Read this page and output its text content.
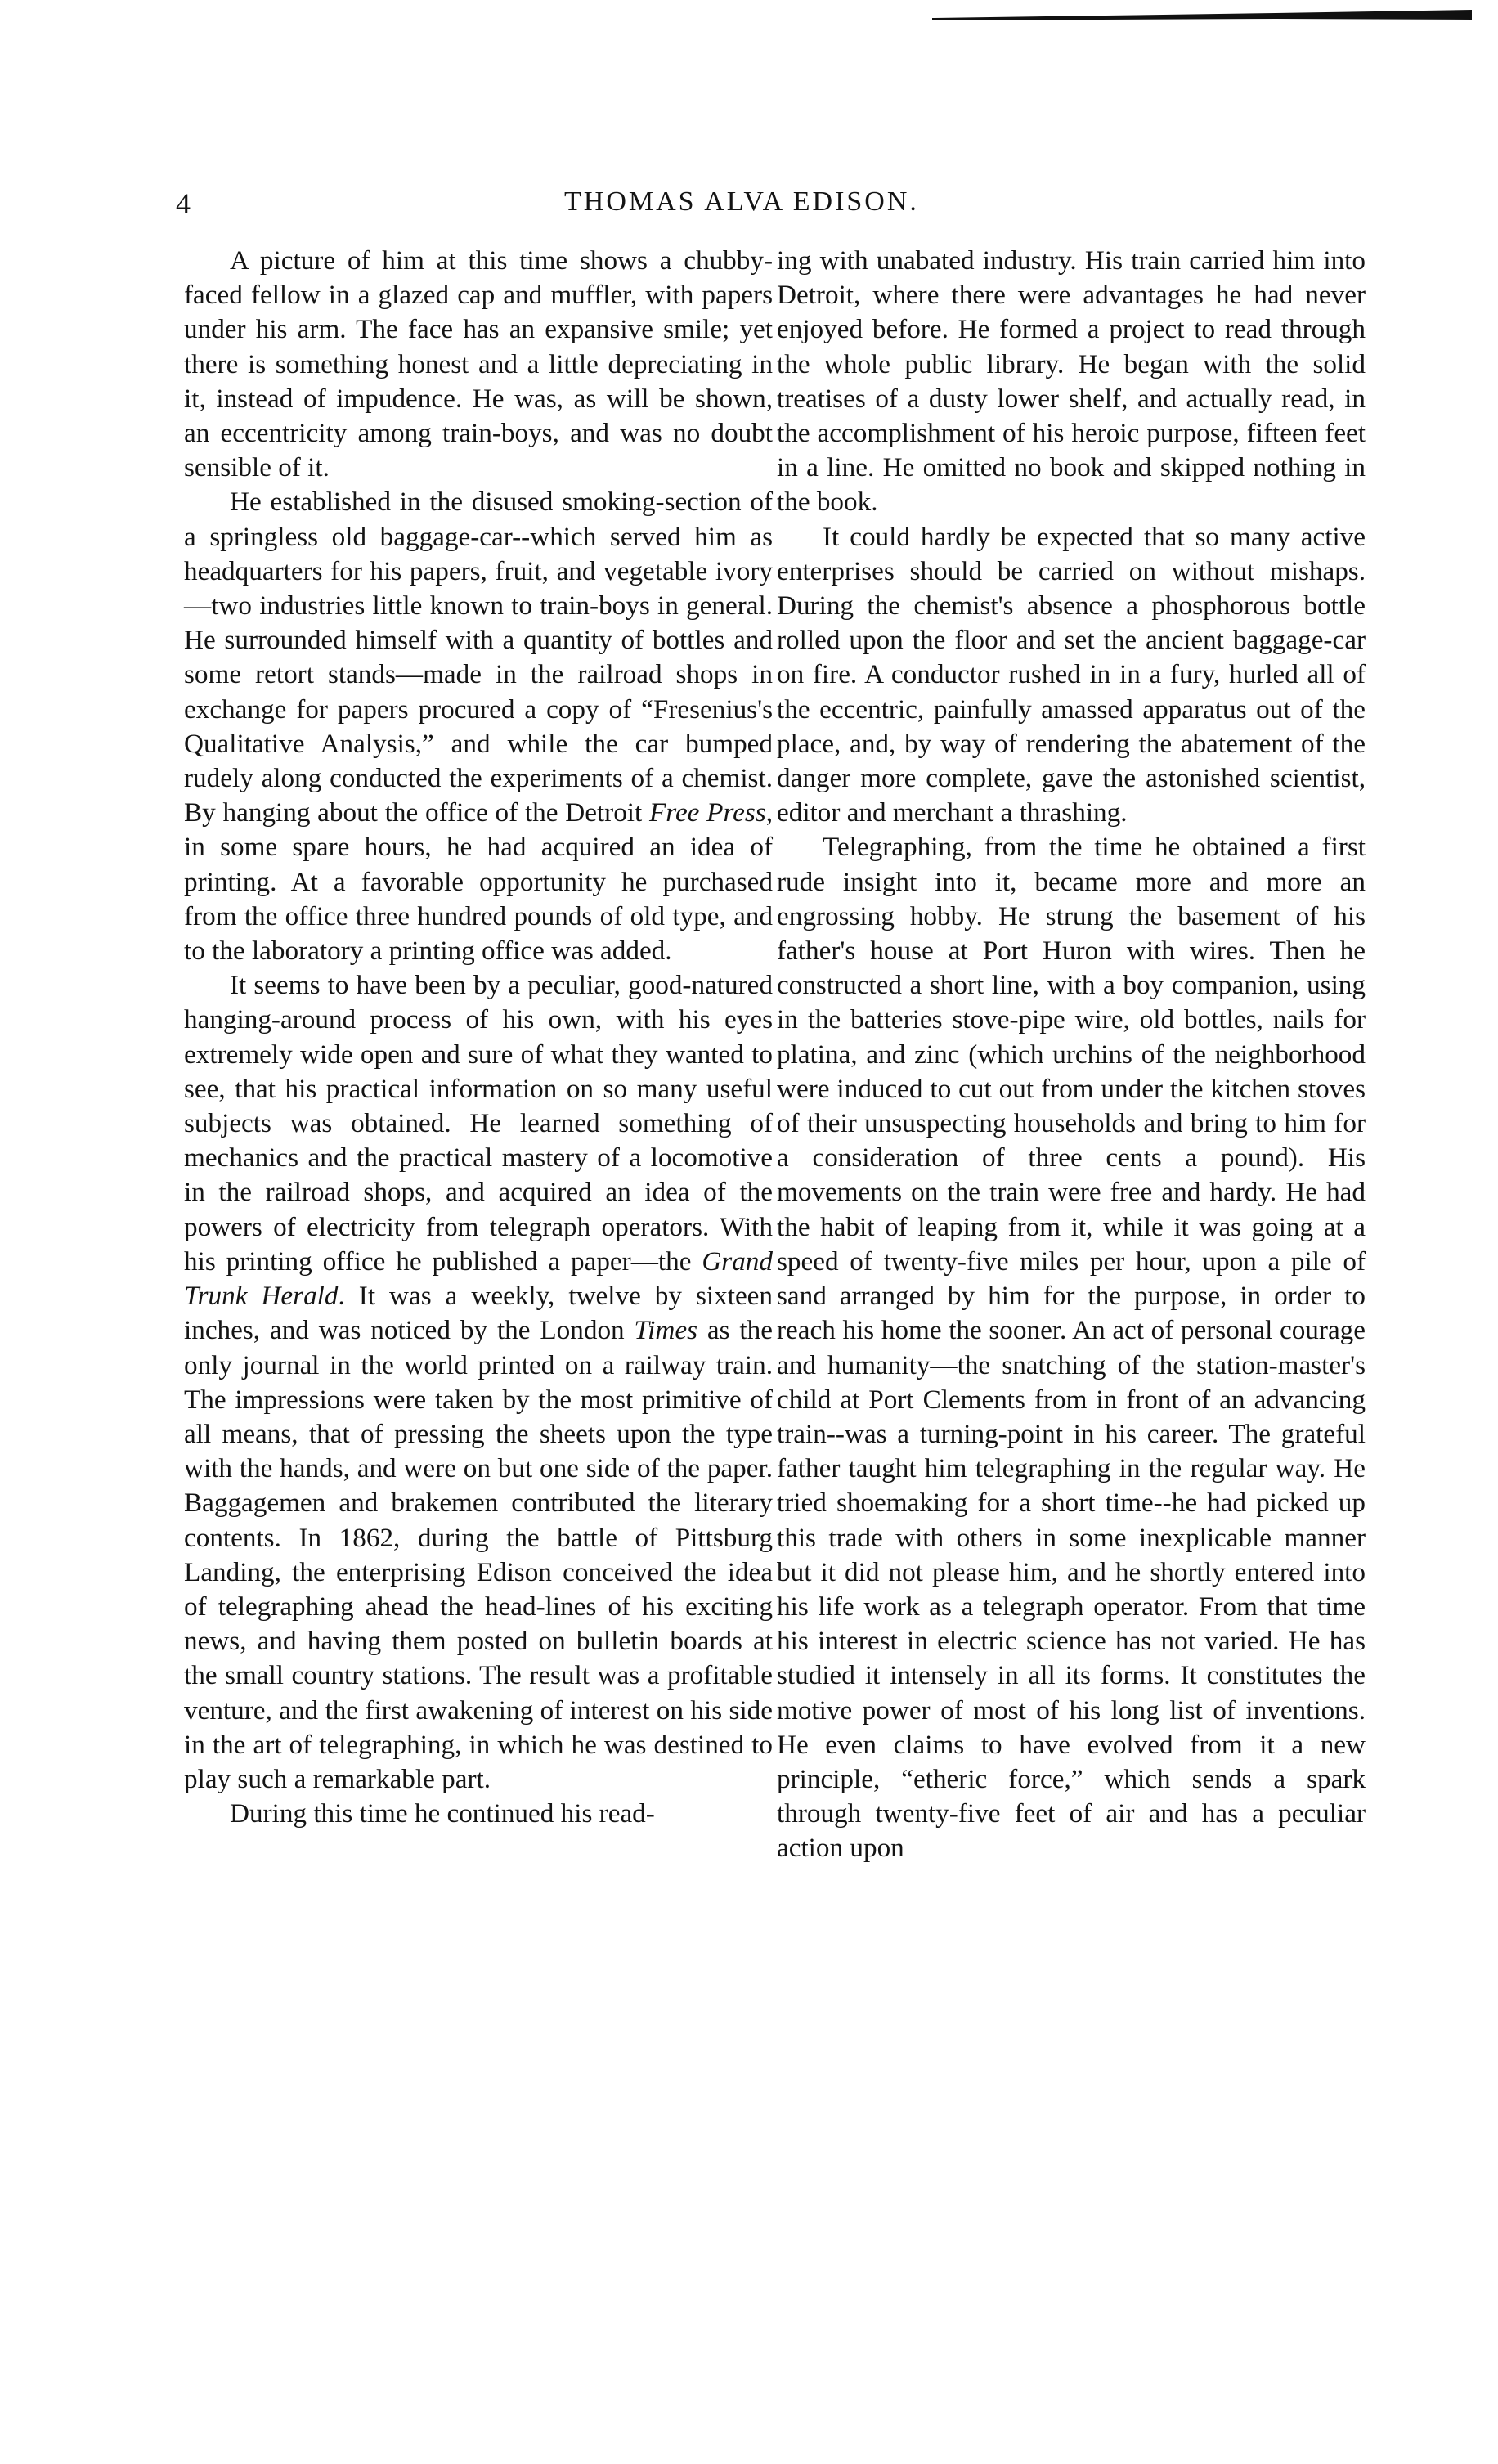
4	THOMAS ALVA EDISON.

A picture of him at this time shows a chubby-faced fellow in a glazed cap and muffler, with papers under his arm. The face has an expansive smile; yet there is something honest and a little depreciating in it, instead of impudence. He was, as will be shown, an eccentricity among train-boys, and was no doubt sensible of it.

He established in the disused smoking-section of a springless old baggage-car--which served him as headquarters for his papers, fruit, and vegetable ivory—two industries little known to train-boys in general. He surrounded himself with a quantity of bottles and some retort stands—made in the railroad shops in exchange for papers procured a copy of “Fresenius's Qualitative Analysis,” and while the car bumped rudely along conducted the experiments of a chemist. By hanging about the office of the Detroit Free Press, in some spare hours, he had acquired an idea of printing. At a favorable opportunity he purchased from the office three hundred pounds of old type, and to the laboratory a printing office was added.

It seems to have been by a peculiar, good-natured hanging-around process of his own, with his eyes extremely wide open and sure of what they wanted to see, that his practical information on so many useful subjects was obtained. He learned something of mechanics and the practical mastery of a locomotive in the railroad shops, and acquired an idea of the powers of electricity from telegraph operators. With his printing office he published a paper—the Grand Trunk Herald. It was a weekly, twelve by sixteen inches, and was noticed by the London Times as the only journal in the world printed on a railway train. The impressions were taken by the most primitive of all means, that of pressing the sheets upon the type with the hands, and were on but one side of the paper. Baggagemen and brakemen contributed the literary contents. In 1862, during the battle of Pittsburg Landing, the enterprising Edison conceived the idea of telegraphing ahead the head-lines of his exciting news, and having them posted on bulletin boards at the small country stations. The result was a profitable venture, and the first awakening of interest on his side in the art of telegraphing, in which he was destined to play such a remarkable part.

During this time he continued his read-

ing with unabated industry. His train carried him into Detroit, where there were advantages he had never enjoyed before. He formed a project to read through the whole public library. He began with the solid treatises of a dusty lower shelf, and actually read, in the accomplishment of his heroic purpose, fifteen feet in a line. He omitted no book and skipped nothing in the book.

It could hardly be expected that so many active enterprises should be carried on without mishaps. During the chemist's absence a phosphorous bottle rolled upon the floor and set the ancient baggage-car on fire. A conductor rushed in in a fury, hurled all of the eccentric, painfully amassed apparatus out of the place, and, by way of rendering the abatement of the danger more complete, gave the astonished scientist, editor and merchant a thrashing.

Telegraphing, from the time he obtained a first rude insight into it, became more and more an engrossing hobby. He strung the basement of his father's house at Port Huron with wires. Then he constructed a short line, with a boy companion, using in the batteries stove-pipe wire, old bottles, nails for platina, and zinc (which urchins of the neighborhood were induced to cut out from under the kitchen stoves of their unsuspecting households and bring to him for a consideration of three cents a pound). His movements on the train were free and hardy. He had the habit of leaping from it, while it was going at a speed of twenty-five miles per hour, upon a pile of sand arranged by him for the purpose, in order to reach his home the sooner. An act of personal courage and humanity—the snatching of the station-master's child at Port Clements from in front of an advancing train--was a turning-point in his career. The grateful father taught him telegraphing in the regular way. He tried shoemaking for a short time--he had picked up this trade with others in some inexplicable manner but it did not please him, and he shortly entered into his life work as a telegraph operator. From that time his interest in electric science has not varied. He has studied it intensely in all its forms. It constitutes the motive power of most of his long list of inventions. He even claims to have evolved from it a new principle, “etheric force,” which sends a spark through twenty-five feet of air and has a peculiar action upon
